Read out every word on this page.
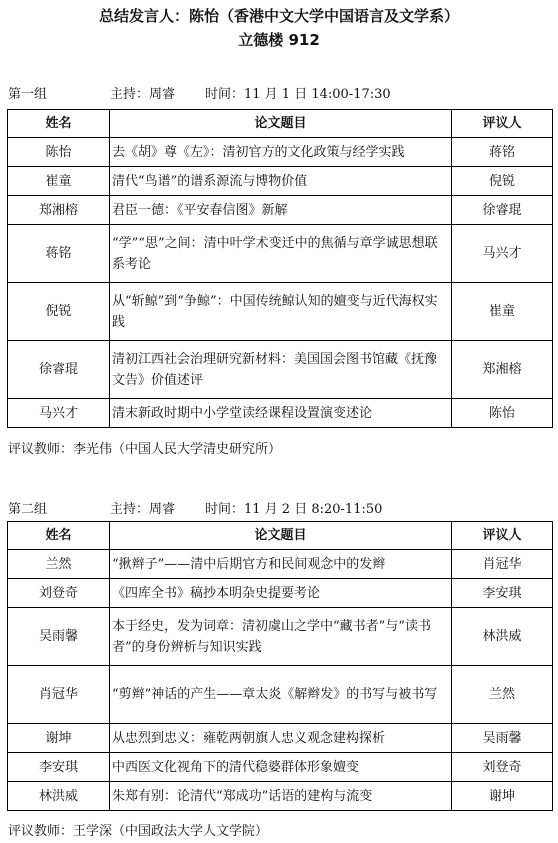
总结发言人：陈怡（香港中文大学中国语言及文学系）
立德楼 912
第一组	主持：周睿 时间：11 月 1 日 14:00-17:30
姓名	论文题目	评议人
陈怡	去《胡》尊《左》：清初官方的文化政策与经学实践	蒋铭
崔童	清代“鸟谱”的谱系源流与博物价值	倪锐
郑湘榕	君臣一德：《平安春信图》新解	徐睿琨
蒋铭	“学”“思”之间：清中叶学术变迁中的焦循与章学诚思想联系考论	马兴才
倪锐	从“斩鲸”到“争鲸”：中国传统鲸认知的嬗变与近代海权实践	崔童
徐睿琨	清初江西社会治理研究新材料：美国国会图书馆藏《抚豫文告》价值述评	郑湘榕
马兴才	清末新政时期中小学堂读经课程设置演变述论	陈怡
评议教师：李光伟（中国人民大学清史研究所）
第二组	主持：周睿 时间：11 月 2 日 8:20-11:50
姓名	论文题目	评议人
兰然	“揪辫子”——清中后期官方和民间观念中的发辫	肖冠华
刘登奇	《四库全书》稿抄本明杂史提要考论	李安琪
吴雨馨	本于经史，发为词章：清初虞山之学中“藏书者”与“读书者”的身份辨析与知识实践	林洪威
肖冠华	“剪辫”神话的产生——章太炎《解辫发》的书写与被书写	兰然
谢坤	从忠烈到忠义：雍乾两朝旗人忠义观念建构探析	吴雨馨
李安琪	中西医文化视角下的清代稳婆群体形象嬗变	刘登奇
林洪威	朱郑有别：论清代“郑成功”话语的建构与流变	谢坤
评议教师：王学深（中国政法大学人文学院）
